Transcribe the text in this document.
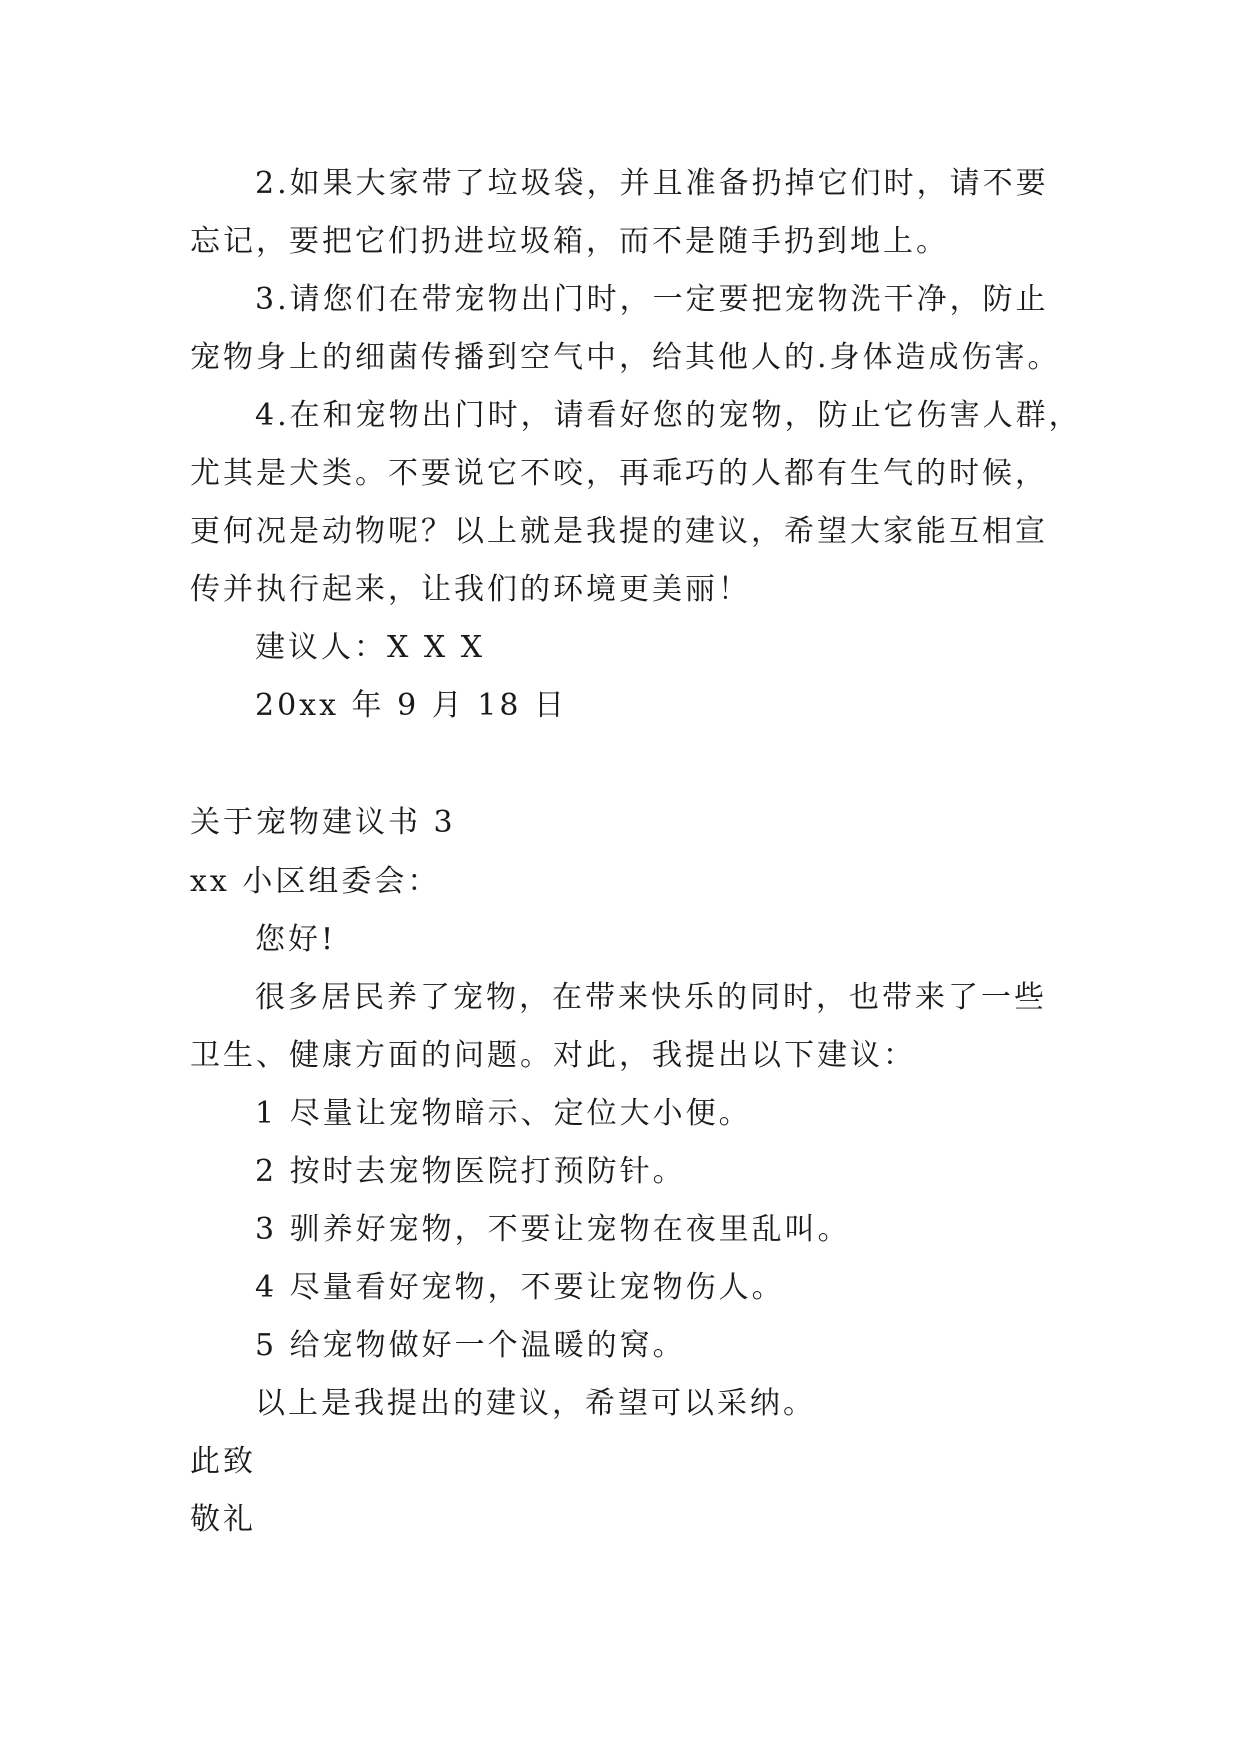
2.如果大家带了垃圾袋，并且准备扔掉它们时，请不要
忘记，要把它们扔进垃圾箱，而不是随手扔到地上。
3.请您们在带宠物出门时，一定要把宠物洗干净，防止
宠物身上的细菌传播到空气中，给其他人的.身体造成伤害。
4.在和宠物出门时，请看好您的宠物，防止它伤害人群，
尤其是犬类。不要说它不咬，再乖巧的人都有生气的时候，
更何况是动物呢？以上就是我提的建议，希望大家能互相宣
传并执行起来，让我们的环境更美丽！
建议人：X X X
20xx 年 9 月 18 日
关于宠物建议书 3
xx 小区组委会：
您好!
很多居民养了宠物，在带来快乐的同时，也带来了一些
卫生、健康方面的问题。对此，我提出以下建议：
1 尽量让宠物暗示、定位大小便。
2 按时去宠物医院打预防针。
3 驯养好宠物，不要让宠物在夜里乱叫。
4 尽量看好宠物，不要让宠物伤人。
5 给宠物做好一个温暖的窝。
以上是我提出的建议，希望可以采纳。
此致
敬礼
